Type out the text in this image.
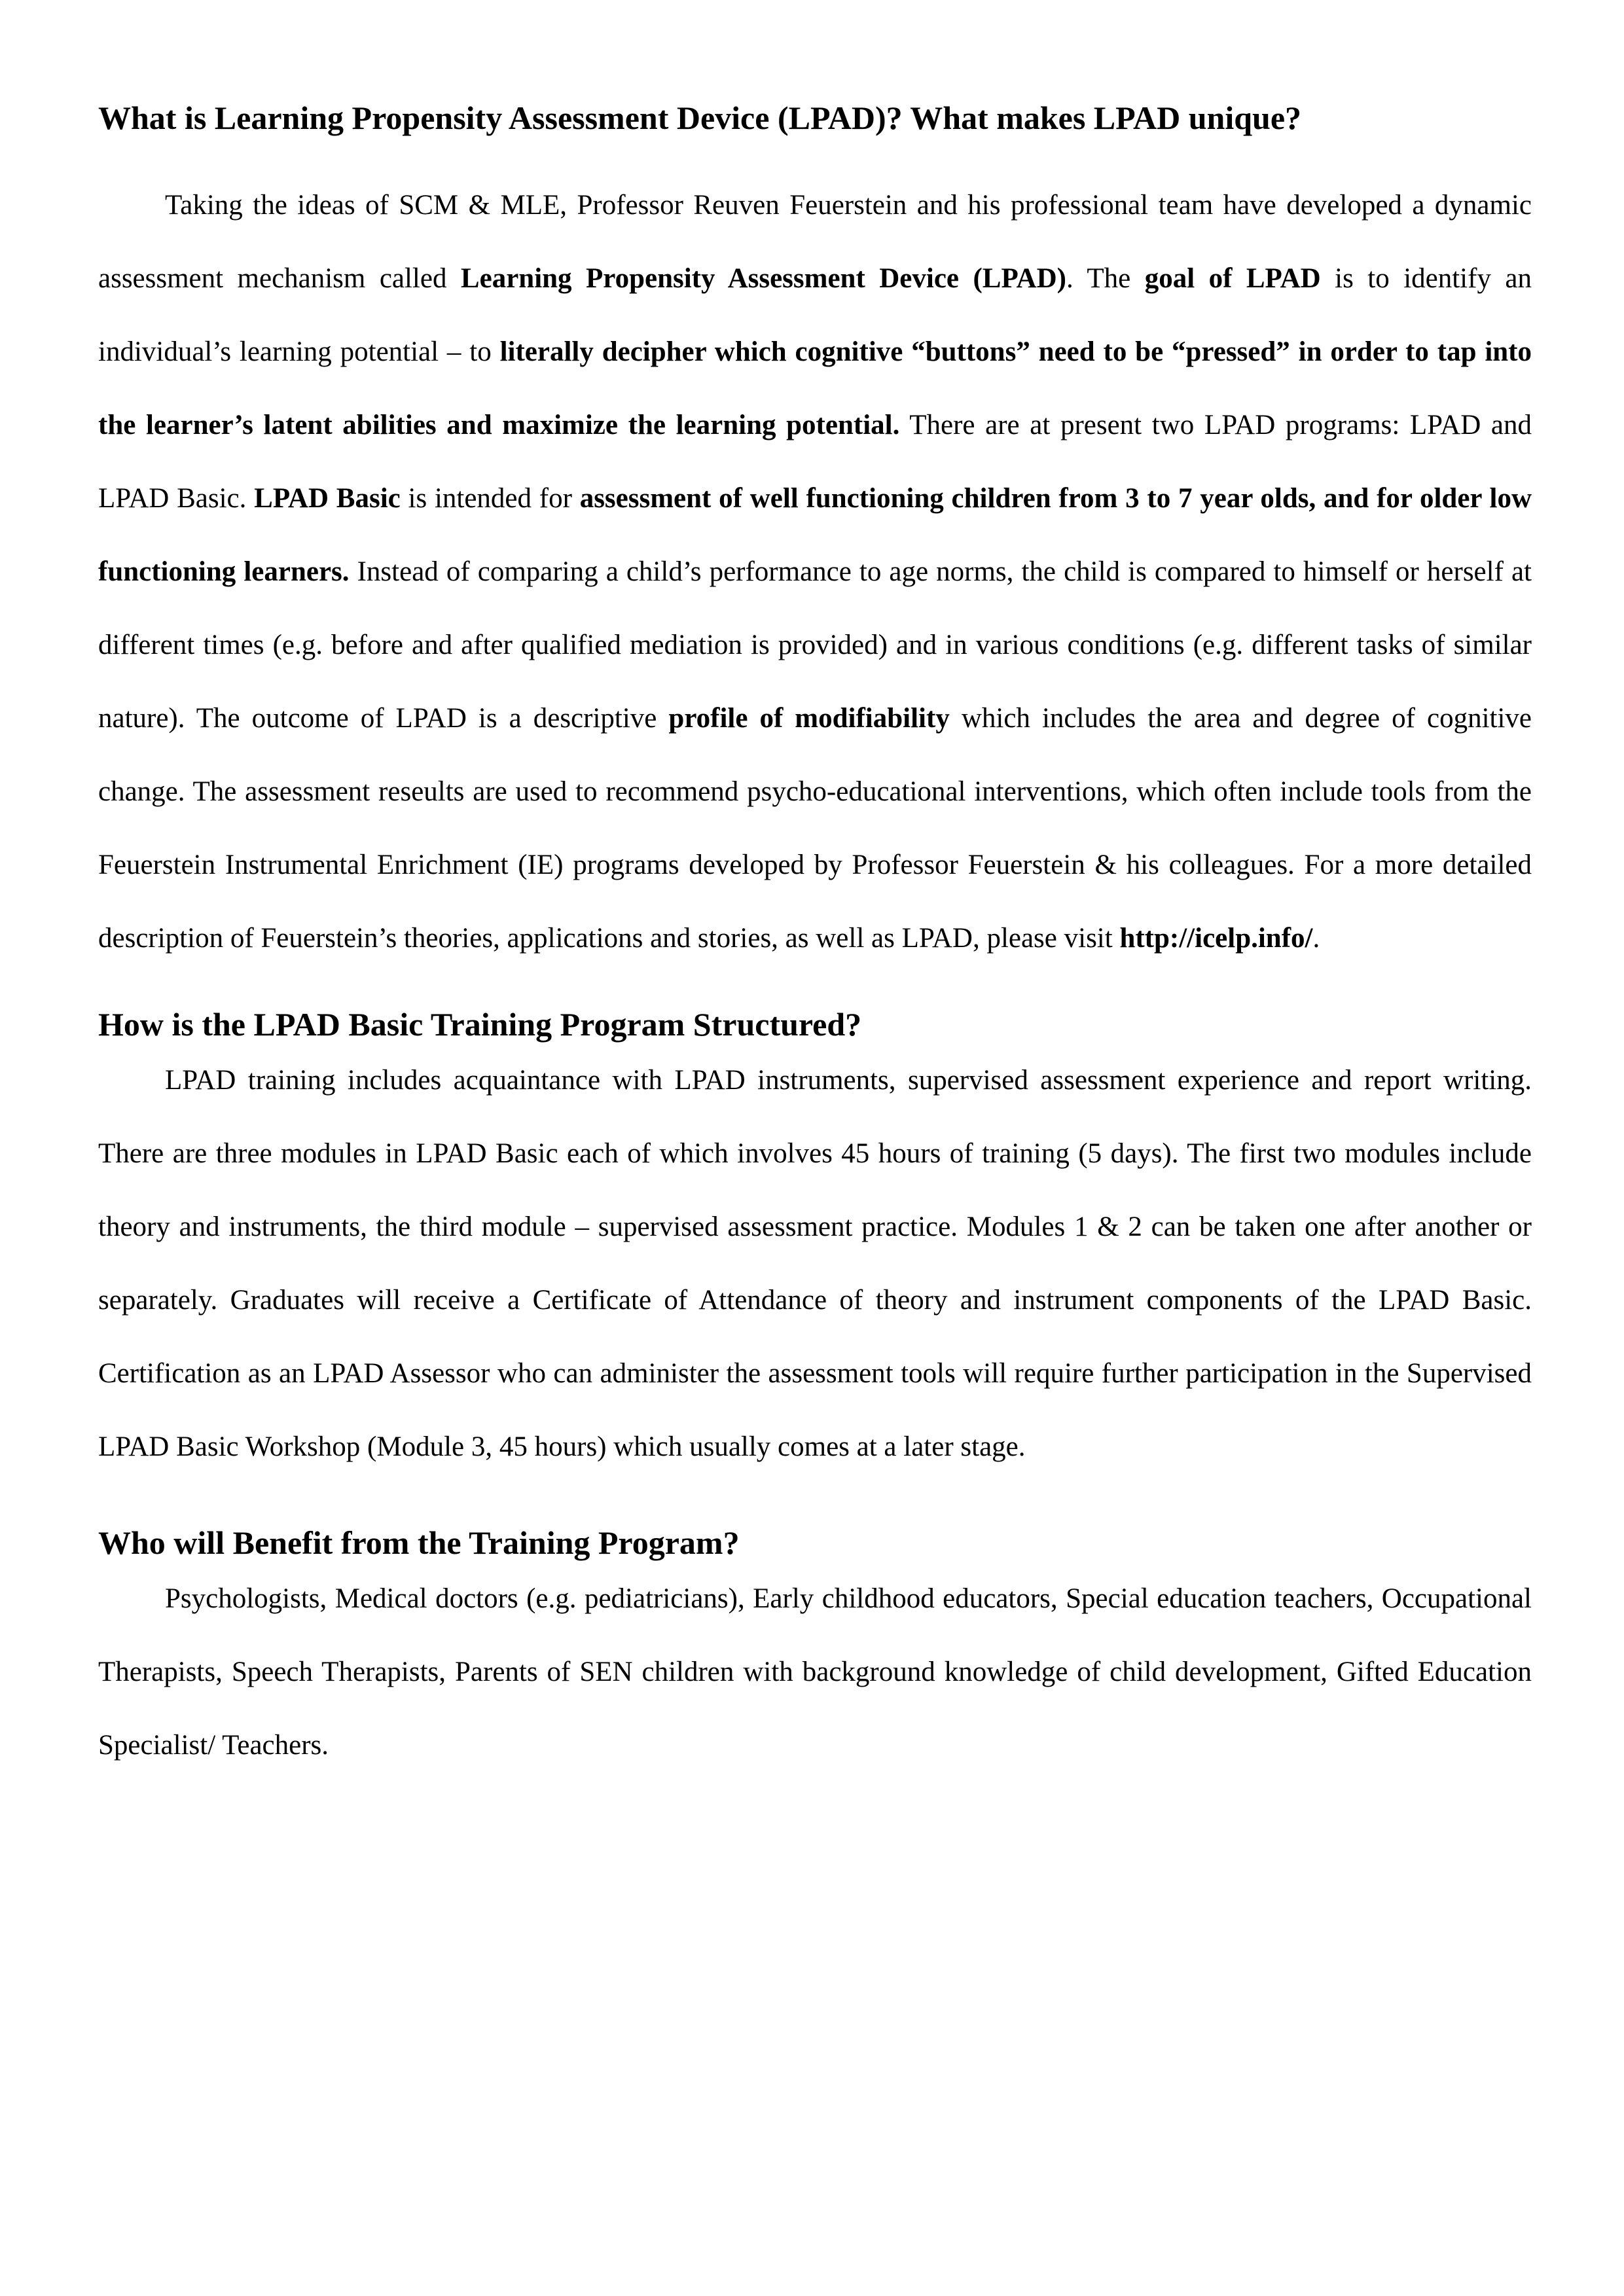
What is Learning Propensity Assessment Device (LPAD)? What makes LPAD unique?

Taking the ideas of SCM & MLE, Professor Reuven Feuerstein and his professional team have developed a dynamic assessment mechanism called Learning Propensity Assessment Device (LPAD). The goal of LPAD is to identify an individual’s learning potential – to literally decipher which cognitive “buttons” need to be “pressed” in order to tap into the learner’s latent abilities and maximize the learning potential. There are at present two LPAD programs: LPAD and LPAD Basic. LPAD Basic is intended for assessment of well functioning children from 3 to 7 year olds, and for older low functioning learners. Instead of comparing a child’s performance to age norms, the child is compared to himself or herself at different times (e.g. before and after qualified mediation is provided) and in various conditions (e.g. different tasks of similar nature). The outcome of LPAD is a descriptive profile of modifiability which includes the area and degree of cognitive change. The assessment reseults are used to recommend psycho-educational interventions, which often include tools from the Feuerstein Instrumental Enrichment (IE) programs developed by Professor Feuerstein & his colleagues. For a more detailed description of Feuerstein’s theories, applications and stories, as well as LPAD, please visit http://icelp.info/.

How is the LPAD Basic Training Program Structured?

LPAD training includes acquaintance with LPAD instruments, supervised assessment experience and report writing. There are three modules in LPAD Basic each of which involves 45 hours of training (5 days). The first two modules include theory and instruments, the third module – supervised assessment practice. Modules 1 & 2 can be taken one after another or separately. Graduates will receive a Certificate of Attendance of theory and instrument components of the LPAD Basic. Certification as an LPAD Assessor who can administer the assessment tools will require further participation in the Supervised LPAD Basic Workshop (Module 3, 45 hours) which usually comes at a later stage.

Who will Benefit from the Training Program?

Psychologists, Medical doctors (e.g. pediatricians), Early childhood educators, Special education teachers, Occupational Therapists, Speech Therapists, Parents of SEN children with background knowledge of child development, Gifted Education Specialist/ Teachers.
